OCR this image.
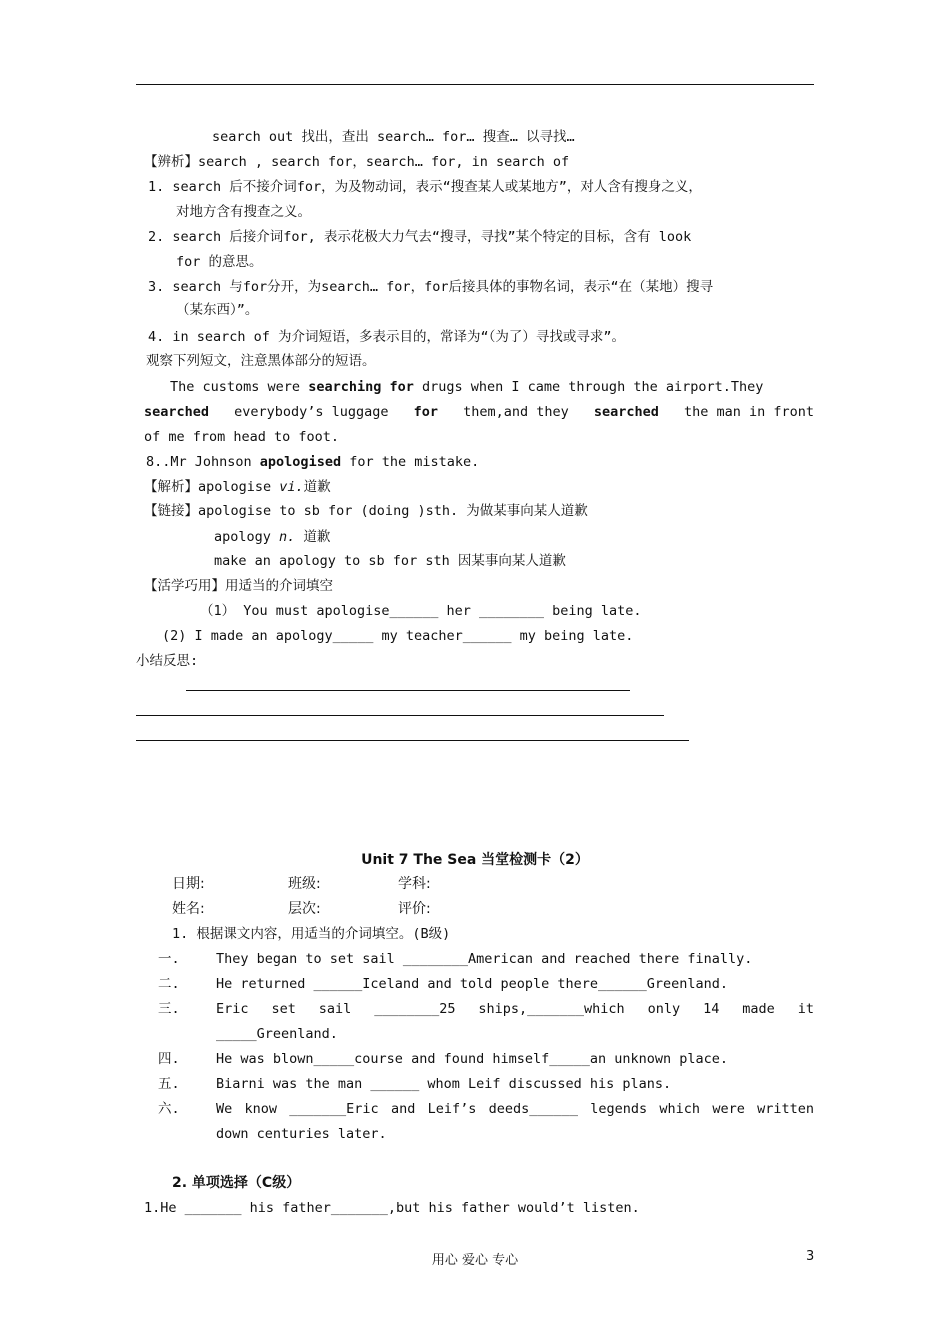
search out 找出，查出 search… for… 搜查… 以寻找…
【辨析】search , search for，search… for, in search of
1. search 后不接介词for，为及物动词，表示“搜查某人或某地方”，对人含有搜身之义，
对地方含有搜查之义。
2. search 后接介词for, 表示花极大力气去“搜寻，寻找”某个特定的目标，含有 look
for 的意思。
3. search 与for分开，为search… for，for后接具体的事物名词，表示“在（某地）搜寻
（某东西）”。
4. in search of 为介词短语，多表示目的，常译为“（为了）寻找或寻求”。
观察下列短文，注意黑体部分的短语。
The customs were searching for drugs when I came through the airport.They
searched everybody’s luggage for them,and they searched the man in front
of me from head to foot.
8..Mr Johnson apologised for the mistake.
【解析】apologise vi.道歉
【链接】apologise to sb for (doing )sth. 为做某事向某人道歉
apology n. 道歉
make an apology to sb for sth 因某事向某人道歉
【活学巧用】用适当的介词填空
（1） You must apologise______ her ________ being late.
(2) I made an apology_____ my teacher______ my being late.
小结反思:
Unit 7 The Sea 当堂检测卡（2）
日期:	班级:	学科:
姓名:	层次:	评价:
1. 根据课文内容，用适当的介词填空。(B级)
一.	They began to set sail ________American and reached there finally.
二.	He returned ______Iceland and told people there______Greenland.
三.	Eric set sail ________25 ships,_______which only 14 made it
_____Greenland.
四.	He was blown_____course and found himself_____an unknown place.
五.	Biarni was the man ______ whom Leif discussed his plans.
六.	We know _______Eric and Leif’s deeds______ legends which were written
down centuries later.
2. 单项选择（C级）
1.He _______ his father_______,but his father would’t listen.
用心 爱心 专心	3
